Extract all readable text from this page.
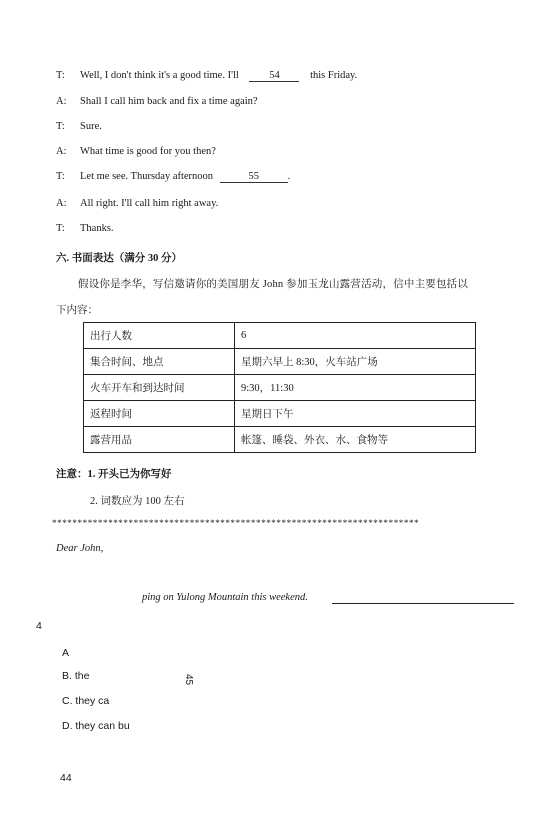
T: Well, I don't think it's a good time. I'll	54	this Friday.
A: Shall I call him back and fix a time again?
T: Sure.
A: What time is good for you then?
T: Let me see. Thursday afternoon	55	.
A: All right. I'll call him right away.
T: Thanks.
六. 书面表达（满分 30 分）
假设你是李华，写信邀请你的美国朋友 John 参加玉龙山露营活动，信中主要包括以
下内容：
出行人数	6
集合时间、地点	星期六早上 8:30，火车站广场
火车开车和到达时间	9:30，11:30
返程时间	星期日下午
露营用品	帐篷、睡袋、外衣、水、食物等
注意：1. 开头已为你写好
2. 词数应为 100 左右
************************************************************************
Dear John,
ping on Yulong Mountain this weekend.
4
A
B. the	45
C. they ca
D. they can bu
44
